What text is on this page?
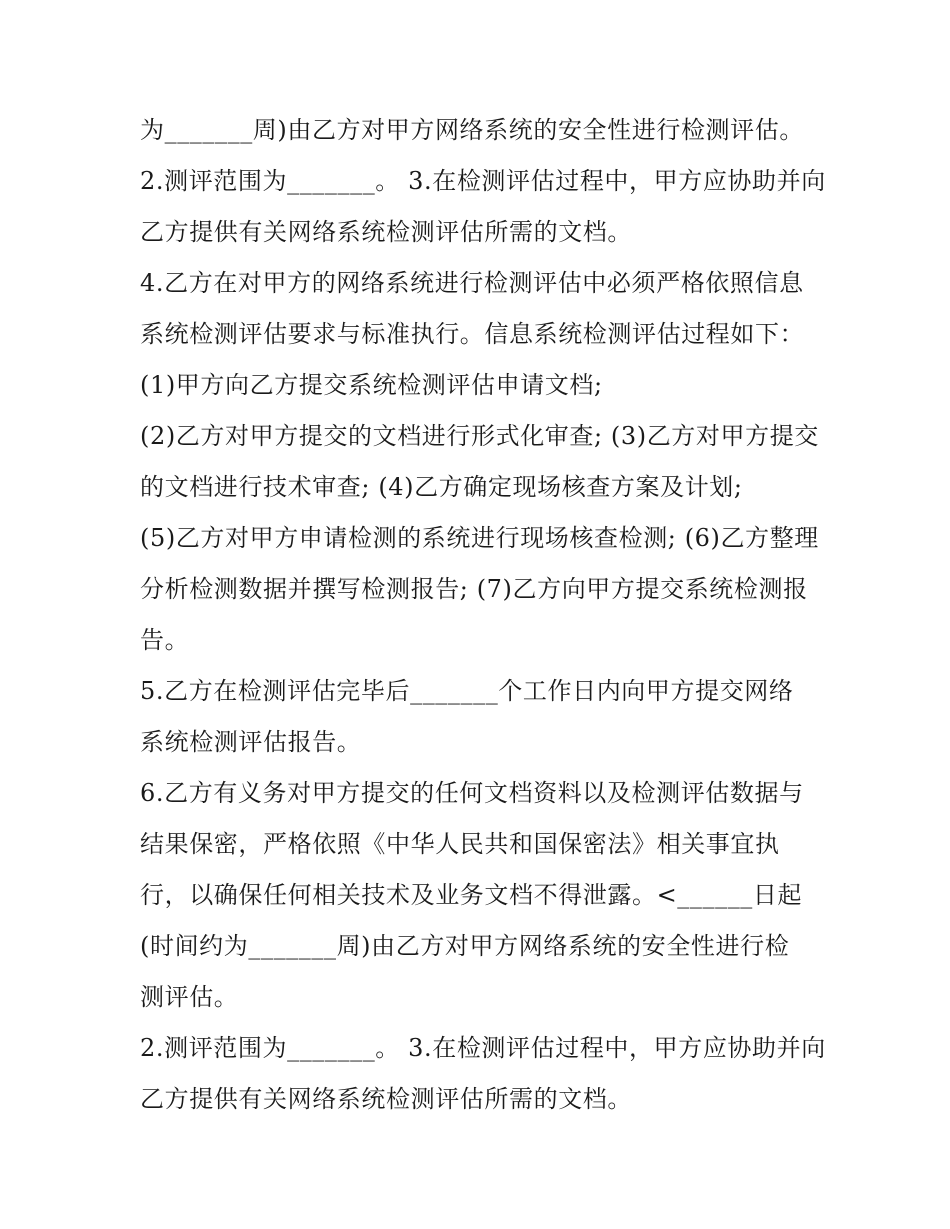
为_______周)由乙方对甲方网络系统的安全性进行检测评估。
2.测评范围为_______。 3.在检测评估过程中，甲方应协助并向
乙方提供有关网络系统检测评估所需的文档。
4.乙方在对甲方的网络系统进行检测评估中必须严格依照信息
系统检测评估要求与标准执行。信息系统检测评估过程如下：
(1)甲方向乙方提交系统检测评估申请文档;
(2)乙方对甲方提交的文档进行形式化审查; (3)乙方对甲方提交
的文档进行技术审查; (4)乙方确定现场核查方案及计划;
(5)乙方对甲方申请检测的系统进行现场核查检测; (6)乙方整理
分析检测数据并撰写检测报告; (7)乙方向甲方提交系统检测报
告。
5.乙方在检测评估完毕后_______个工作日内向甲方提交网络
系统检测评估报告。
6.乙方有义务对甲方提交的任何文档资料以及检测评估数据与
结果保密，严格依照《中华人民共和国保密法》相关事宜执
行，以确保任何相关技术及业务文档不得泄露。<______日起
(时间约为_______周)由乙方对甲方网络系统的安全性进行检
测评估。
2.测评范围为_______。 3.在检测评估过程中，甲方应协助并向
乙方提供有关网络系统检测评估所需的文档。
